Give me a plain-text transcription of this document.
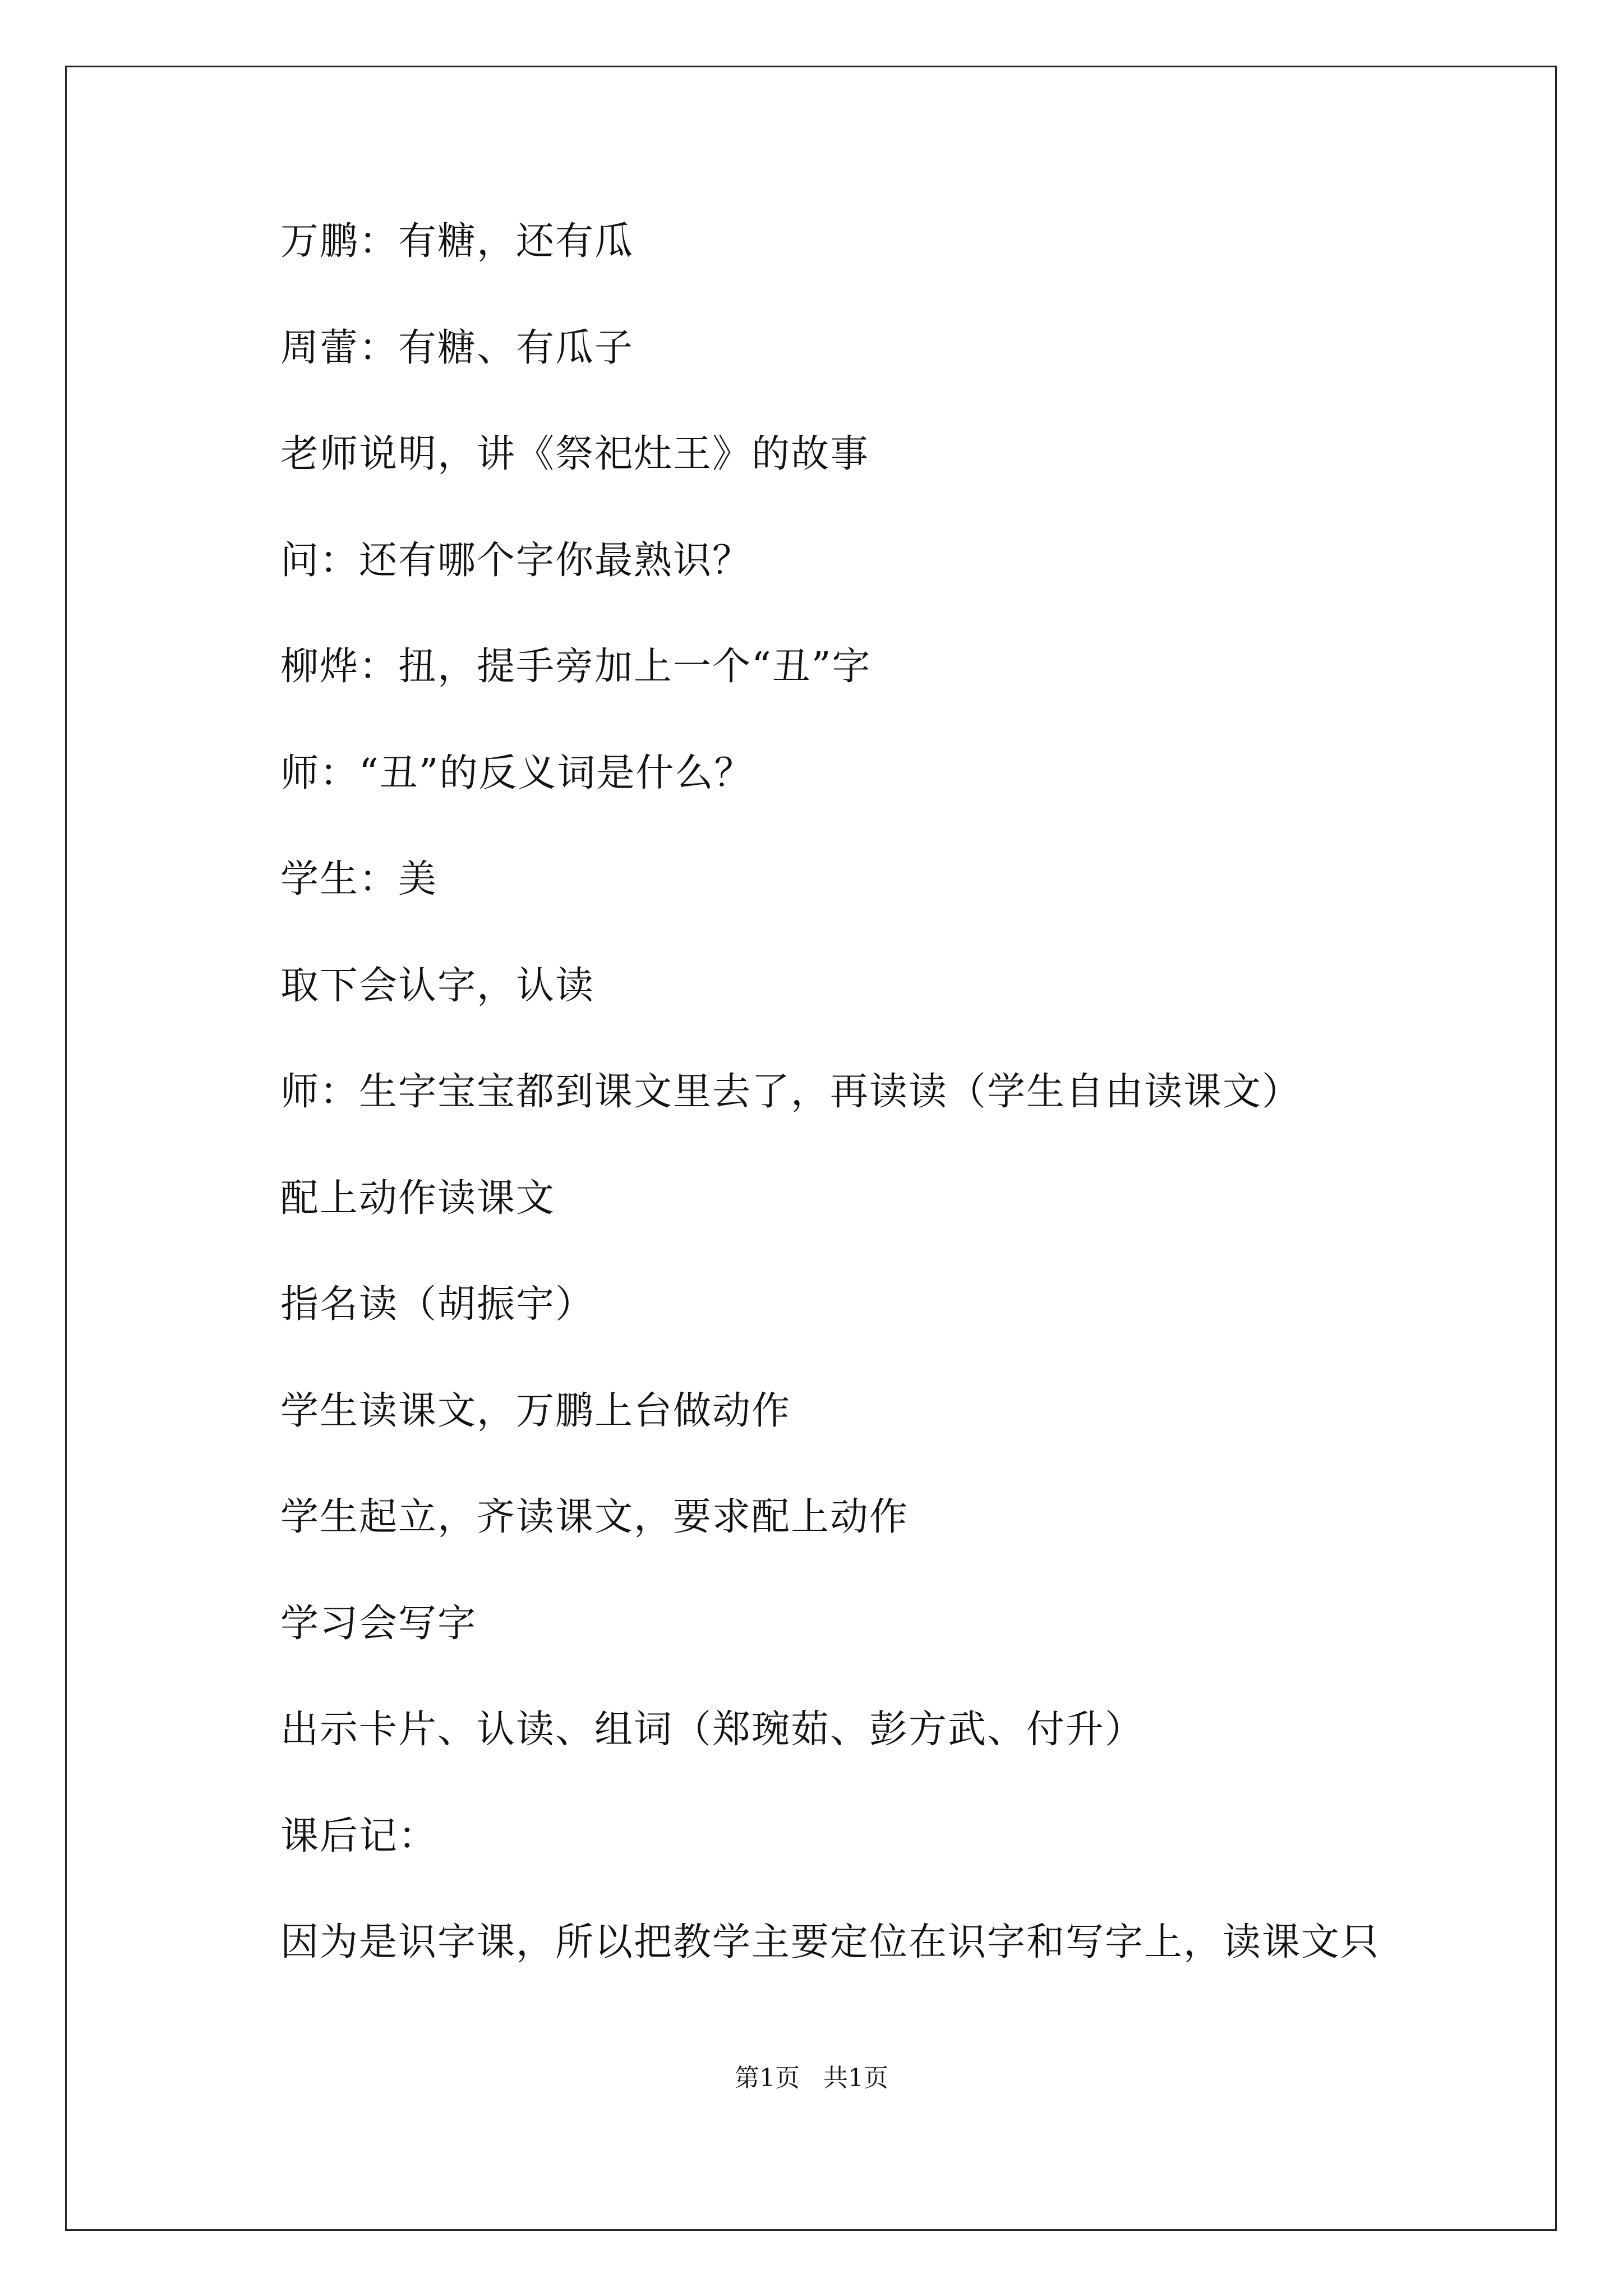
万鹏：有糖，还有瓜
周蕾：有糖、有瓜子
老师说明，讲《祭祀灶王》的故事
问：还有哪个字你最熟识？
柳烨：扭，提手旁加上一个“丑”字
师：“丑”的反义词是什么？
学生：美
取下会认字，认读
师：生字宝宝都到课文里去了，再读读（学生自由读课文）
配上动作读课文
指名读（胡振宇）
学生读课文，万鹏上台做动作
学生起立，齐读课文，要求配上动作
学习会写字
出示卡片、认读、组词（郑琬茹、彭方武、付升）
课后记：
因为是识字课，所以把教学主要定位在识字和写字上，读课文只
第1页   共1页
